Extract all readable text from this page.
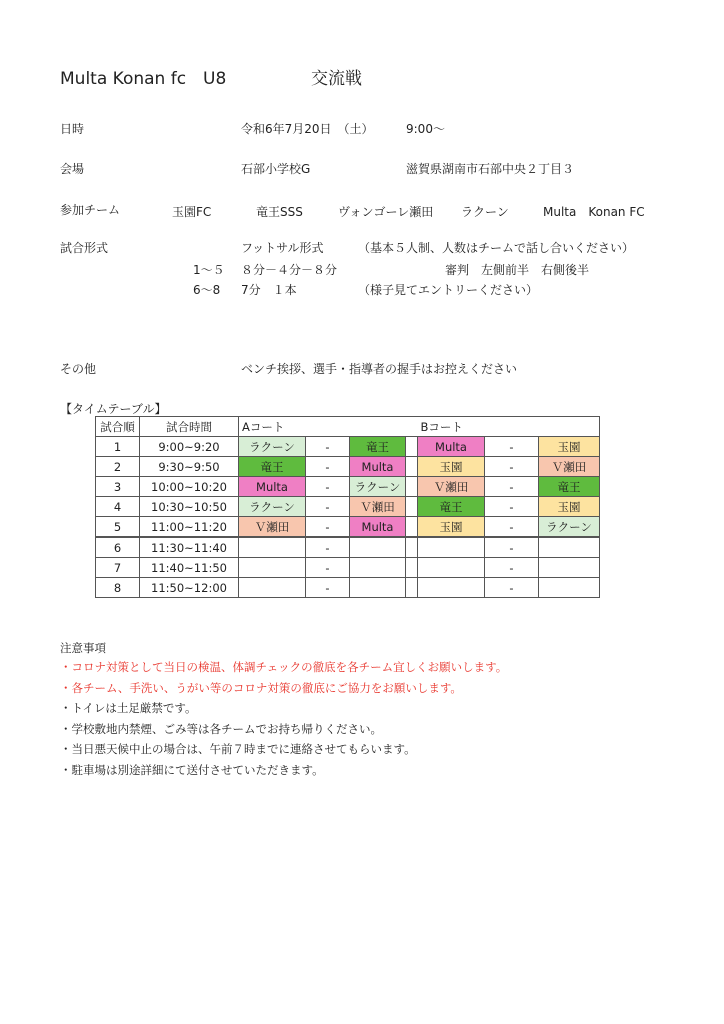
Multa Konan fc　U8	交流戦
日時	令和6年7月20日　（土）	9:00～
会場	石部小学校G	滋賀県湖南市石部中央２丁目３
参加チーム	玉園FC	竜王SSS	ヴォンゴーレ瀬田 ラクーン	Multa　Konan FC
試合形式	フットサル形式	（基本５人制、人数はチームで話し合いください）
1～５ ８分－４分－８分	審判　左側前半　右側後半
6～8 7分　１本	（様子見てエントリーください）
その他	ベンチ挨拶、選手・指導者の握手はお控えください
【タイムテーブル】
試合順	試合時間	Aコート				Bコート		
1	9:00~9:20	ラクーン	-	竜王		Multa	-	玉園
2	9:30~9:50	竜王	-	Multa		玉園	-	Ｖ瀬田
3	10:00~10:20	Multa	-	ラクーン		Ｖ瀬田	-	竜王
4	10:30~10:50	ラクーン	-	Ｖ瀬田		竜王	-	玉園
5	11:00~11:20	Ｖ瀬田	-	Multa		玉園	-	ラクーン
6	11:30~11:40		-				-	
7	11:40~11:50		-				-	
8	11:50~12:00		-				-	
注意事項
・コロナ対策として当日の検温、体調チェックの徹底を各チーム宜しくお願いします。
・各チーム、手洗い、うがい等のコロナ対策の徹底にご協力をお願いします。
・トイレは土足厳禁です。
・学校敷地内禁煙、ごみ等は各チームでお持ち帰りください。
・当日悪天候中止の場合は、午前７時までに連絡させてもらいます。
・駐車場は別途詳細にて送付させていただきます。
